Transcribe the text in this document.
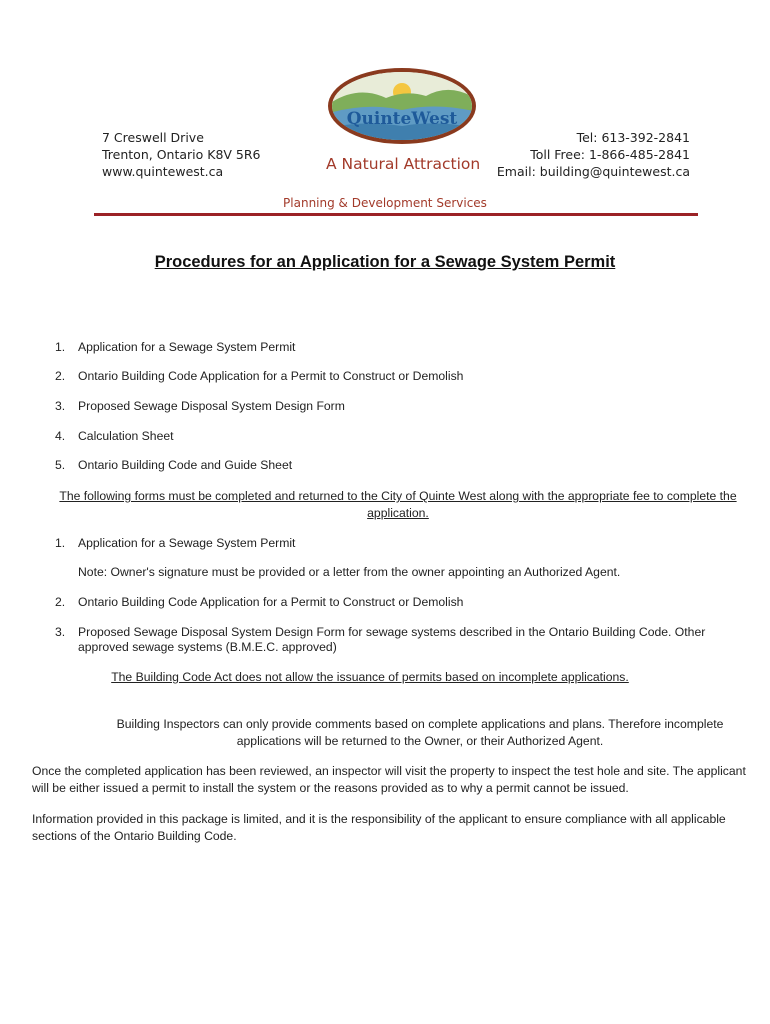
7 Creswell Drive
Trenton, Ontario K8V 5R6
www.quintewest.ca
QuinteWest
A Natural Attraction
Tel: 613-392-2841
Toll Free: 1-866-485-2841
Email: building@quintewest.ca
Planning & Development Services
Procedures for an Application for a Sewage System Permit
1. Application for a Sewage System Permit
2. Ontario Building Code Application for a Permit to Construct or Demolish
3. Proposed Sewage Disposal System Design Form
4. Calculation Sheet
5. Ontario Building Code and Guide Sheet
The following forms must be completed and returned to the City of Quinte West along with the appropriate fee to complete the application.
1. Application for a Sewage System Permit
Note: Owner's signature must be provided or a letter from the owner appointing an Authorized Agent.
2. Ontario Building Code Application for a Permit to Construct or Demolish
3. Proposed Sewage Disposal System Design Form for sewage systems described in the Ontario Building Code. Other approved sewage systems (B.M.E.C. approved)
The Building Code Act does not allow the issuance of permits based on incomplete applications.
Building Inspectors can only provide comments based on complete applications and plans. Therefore incomplete applications will be returned to the Owner, or their Authorized Agent.
Once the completed application has been reviewed, an inspector will visit the property to inspect the test hole and site. The applicant will be either issued a permit to install the system or the reasons provided as to why a permit cannot be issued.
Information provided in this package is limited, and it is the responsibility of the applicant to ensure compliance with all applicable sections of the Ontario Building Code.
